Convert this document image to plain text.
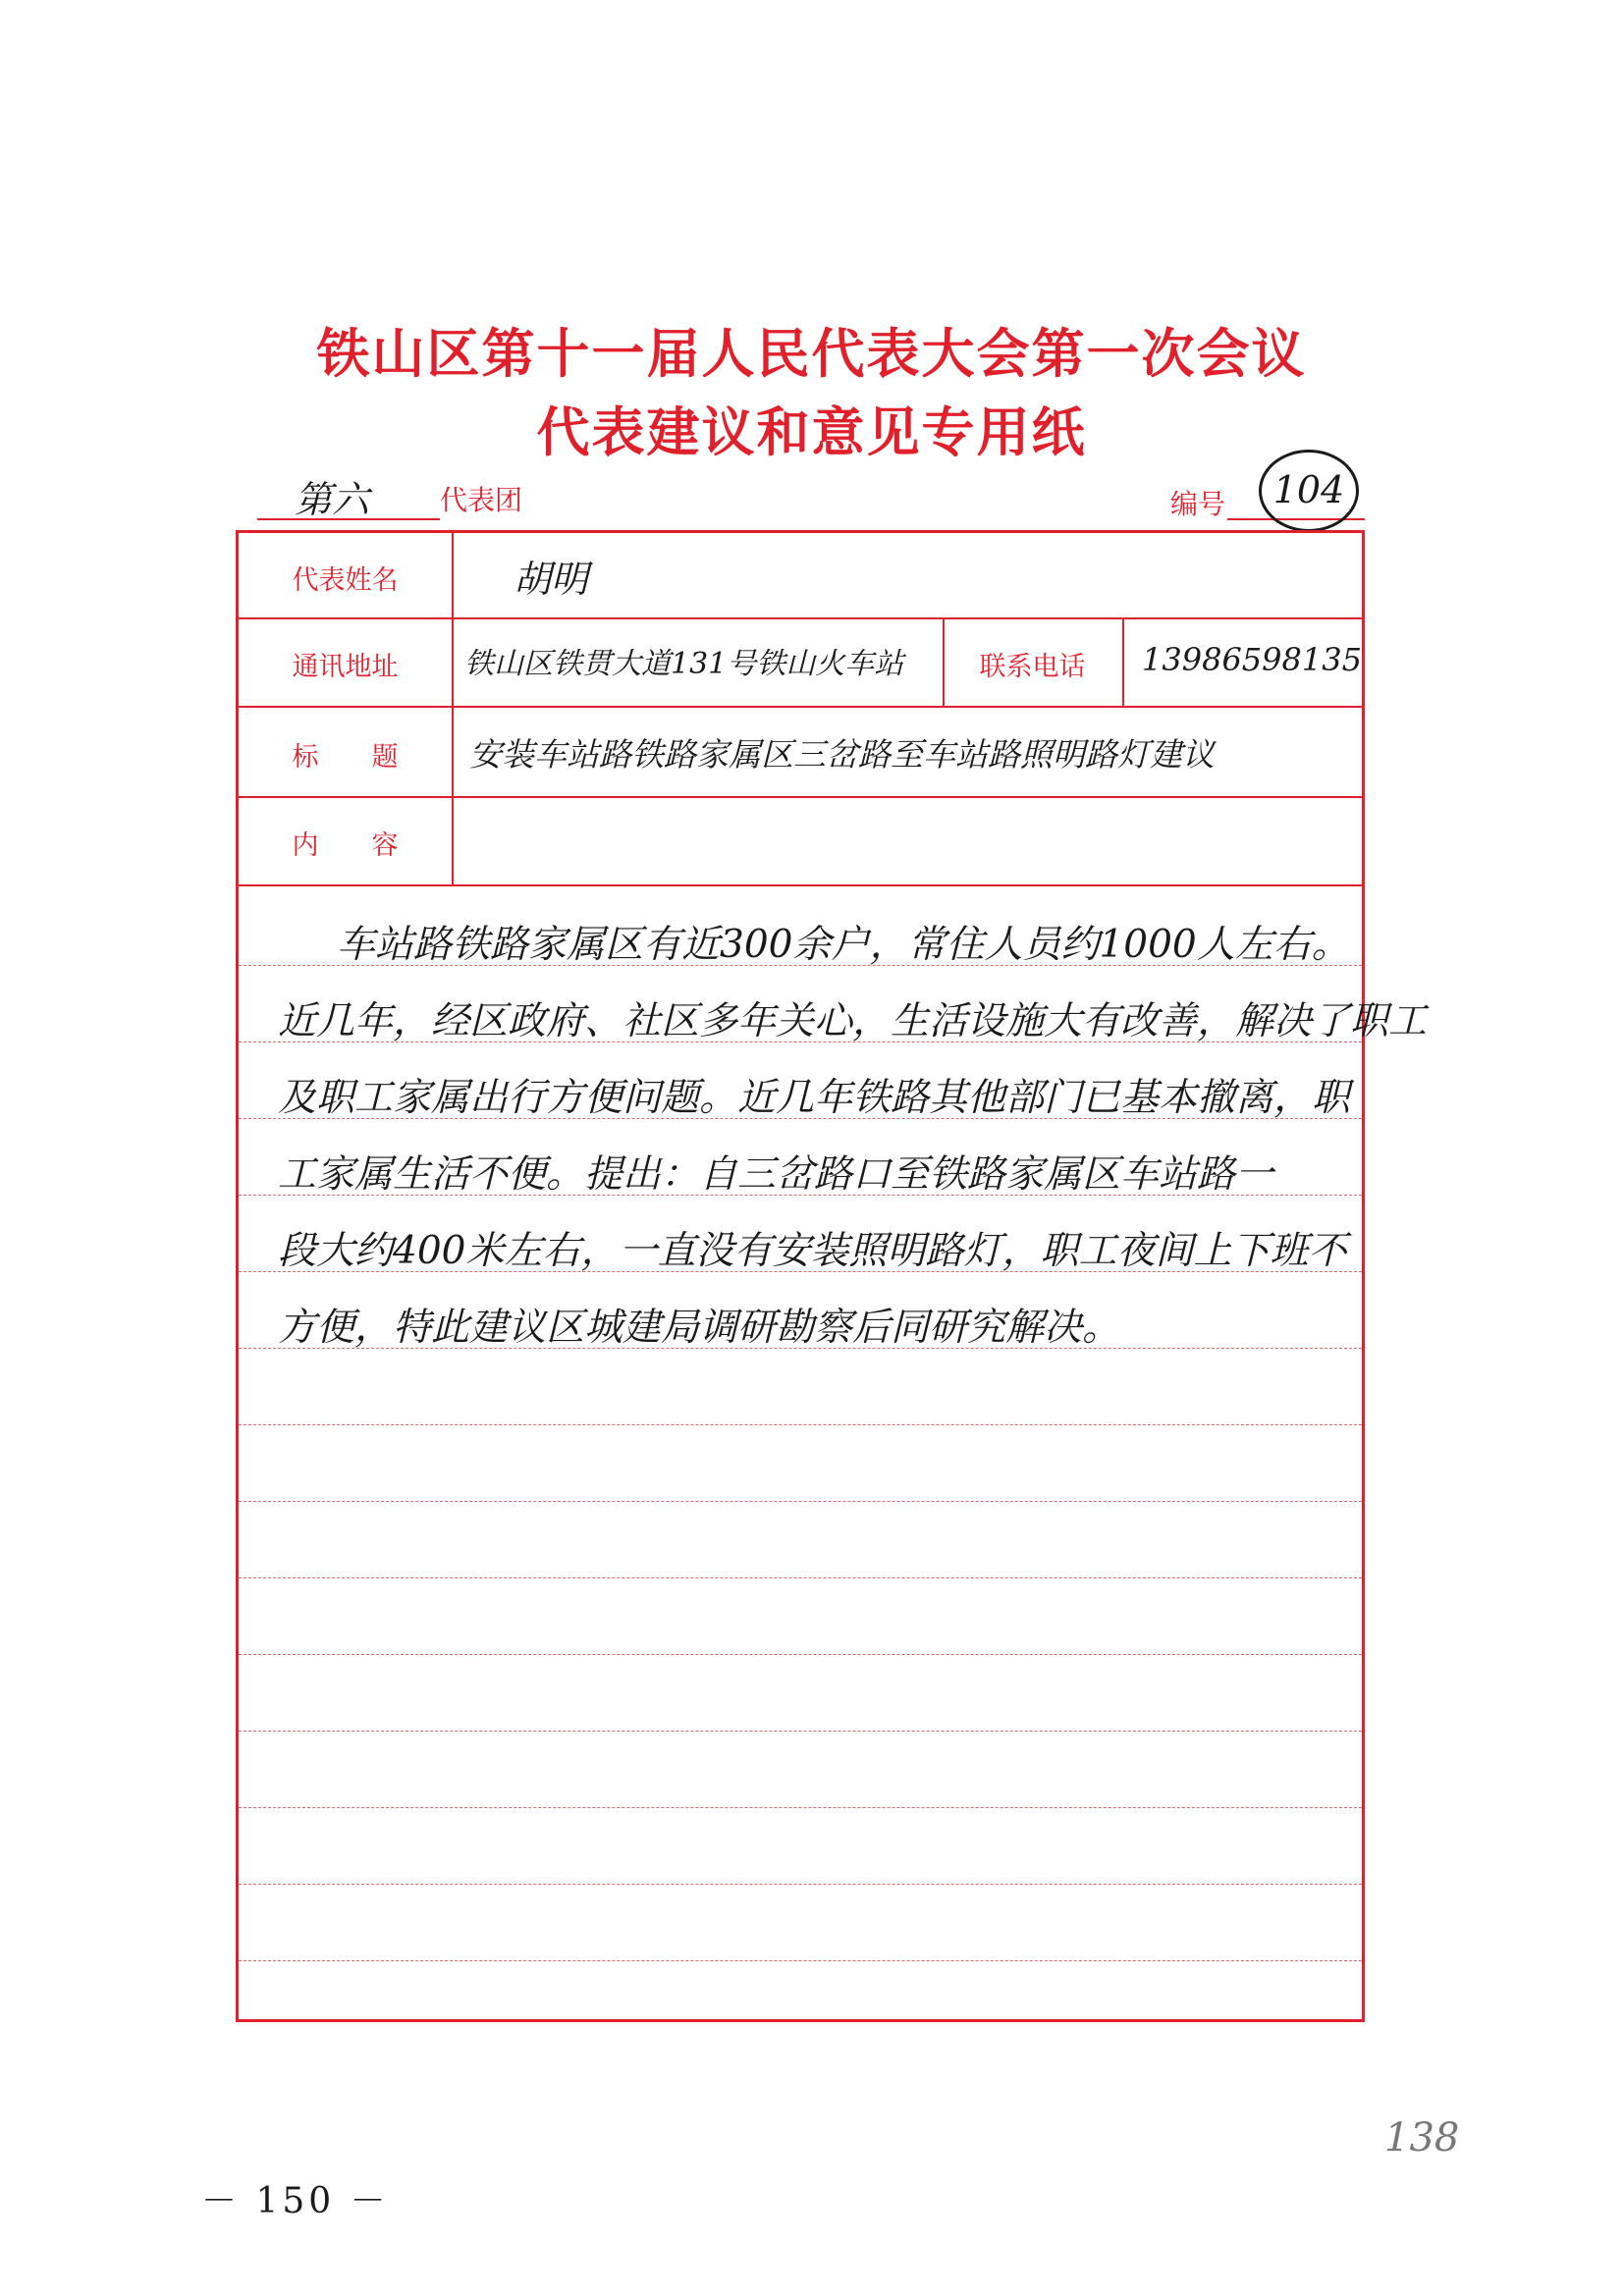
铁山区第十一届人民代表大会第一次会议
代表建议和意见专用纸
第六	代表团	编号	104
代表姓名	胡明
通讯地址	铁山区铁贯大道131号铁山火车站	联系电话	13986598135
标　　题	安装车站路铁路家属区三岔路至车站路照明路灯建议
内　　容
车站路铁路家属区有近300余户，常住人员约1000人左右。
近几年，经区政府、社区多年关心，生活设施大有改善，解决了职工
及职工家属出行方便问题。近几年铁路其他部门已基本撤离，职
工家属生活不便。提出：自三岔路口至铁路家属区车站路一
段大约400米左右，一直没有安装照明路灯，职工夜间上下班不
方便，特此建议区城建局调研勘察后同研究解决。
138
－ 150 －
